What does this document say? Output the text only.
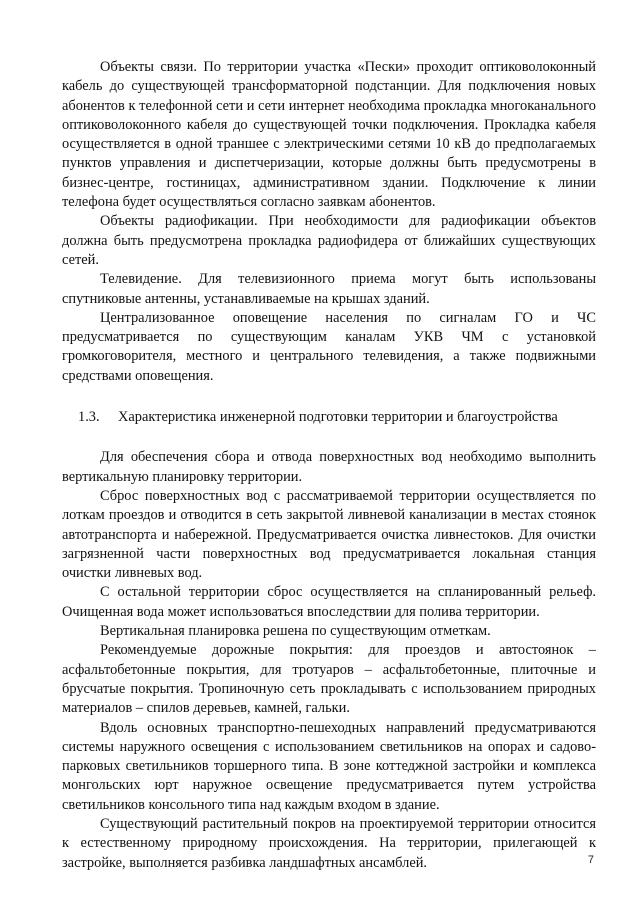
Объекты связи. По территории участка «Пески» проходит оптиковолоконный кабель до существующей трансформаторной подстанции. Для подключения новых абонентов к телефонной сети и сети интернет необходима прокладка многоканального оптиковолоконного кабеля до существующей точки подключения. Прокладка кабеля осуществляется в одной траншее с электрическими сетями 10 кВ до предполагаемых пунктов управления и диспетчеризации, которые должны быть предусмотрены в бизнес-центре, гостиницах, административном здании. Подключение к линии телефона будет осуществляться согласно заявкам абонентов.

Объекты радиофикации. При необходимости для радиофикации объектов должна быть предусмотрена прокладка радиофидера от ближайших существующих сетей.

Телевидение. Для телевизионного приема могут быть использованы спутниковые антенны, устанавливаемые на крышах зданий.

Централизованное оповещение населения по сигналам ГО и ЧС предусматривается по существующим каналам УКВ ЧМ с установкой громкоговорителя, местного и центрального телевидения, а также подвижными средствами оповещения.

1.3. Характеристика инженерной подготовки территории и благоустройства

Для обеспечения сбора и отвода поверхностных вод необходимо выполнить вертикальную планировку территории.

Сброс поверхностных вод с рассматриваемой территории осуществляется по лоткам проездов и отводится в сеть закрытой ливневой канализации в местах стоянок автотранспорта и набережной. Предусматривается очистка ливнестоков. Для очистки загрязненной части поверхностных вод предусматривается локальная станция очистки ливневых вод.

С остальной территории сброс осуществляется на спланированный рельеф. Очищенная вода может использоваться впоследствии для полива территории.

Вертикальная планировка решена по существующим отметкам.

Рекомендуемые дорожные покрытия: для проездов и автостоянок – асфальтобетонные покрытия, для тротуаров – асфальтобетонные, плиточные и брусчатые покрытия. Тропиночную сеть прокладывать с использованием природных материалов – спилов деревьев, камней, гальки.

Вдоль основных транспортно-пешеходных направлений предусматриваются системы наружного освещения с использованием светильников на опорах и садово-парковых светильников торшерного типа. В зоне коттеджной застройки и комплекса монгольских юрт наружное освещение предусматривается путем устройства светильников консольного типа над каждым входом в здание.

Существующий растительный покров на проектируемой территории относится к естественному природному происхождения. На территории, прилегающей к застройке, выполняется разбивка ландшафтных ансамблей.	7
